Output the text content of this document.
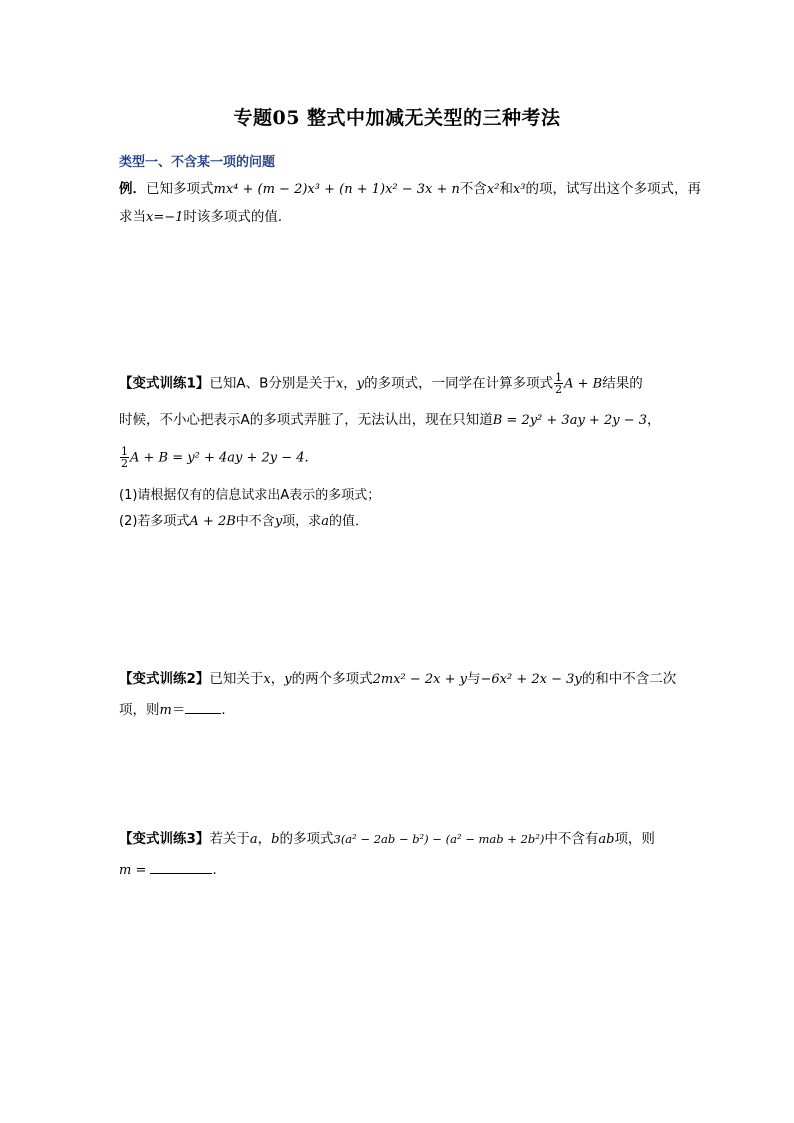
专题05 整式中加减无关型的三种考法
类型一、不含某一项的问题
例．已知多项式mx⁴ + (m − 2)x³ + (n + 1)x² − 3x + n不含x²和x³的项，试写出这个多项式，再
求当x=−1时该多项式的值．
【变式训练1】已知A、B分别是关于x，y的多项式，一同学在计算多项式 $\frac{1}{2}$ A + B结果的
时候，不小心把表示A的多项式弄脏了，无法认出，现在只知道B = 2y² + 3ay + 2y − 3，
$\frac{1}{2}$ A + B = y² + 4ay + 2y − 4．
(1)请根据仅有的信息试求出A表示的多项式；
(2)若多项式A + 2B中不含y项，求a的值．
【变式训练2】已知关于x，y的两个多项式2mx² − 2x + y与−6x² + 2x − 3y的和中不含二次
项，则m＝	．
【变式训练3】若关于a，b的多项式3(a² − 2ab − b²) − (a² − mab + 2b²)中不含有ab项，则
m =	．
